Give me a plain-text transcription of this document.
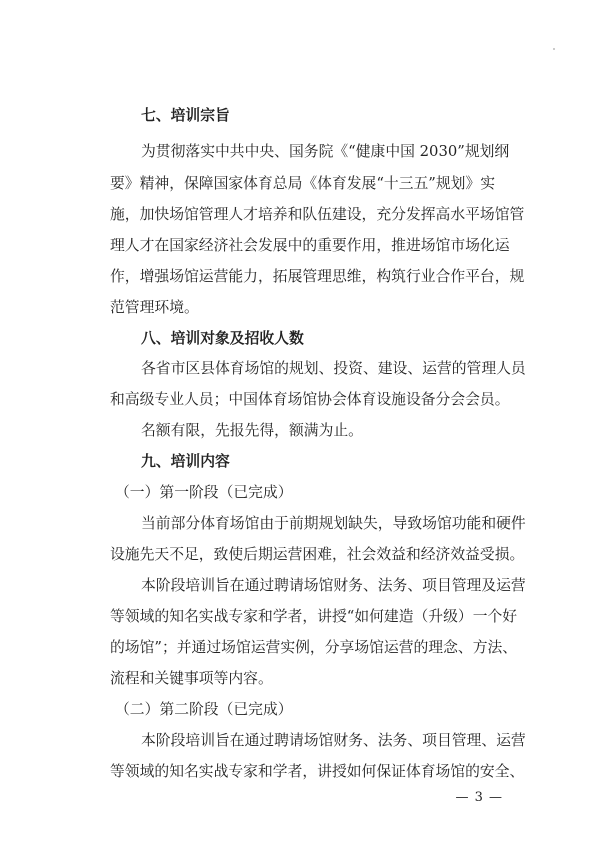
七、培训宗旨
为贯彻落实中共中央、国务院《“健康中国 2030”规划纲
要》精神，保障国家体育总局《体育发展“十三五”规划》实
施，加快场馆管理人才培养和队伍建设，充分发挥高水平场馆管
理人才在国家经济社会发展中的重要作用，推进场馆市场化运
作，增强场馆运营能力，拓展管理思维，构筑行业合作平台，规
范管理环境。
八、培训对象及招收人数
各省市区县体育场馆的规划、投资、建设、运营的管理人员
和高级专业人员；中国体育场馆协会体育设施设备分会会员。
名额有限，先报先得，额满为止。
九、培训内容
（一）第一阶段（已完成）
当前部分体育场馆由于前期规划缺失，导致场馆功能和硬件
设施先天不足，致使后期运营困难，社会效益和经济效益受损。
本阶段培训旨在通过聘请场馆财务、法务、项目管理及运营
等领域的知名实战专家和学者，讲授“如何建造（升级）一个好
的场馆”；并通过场馆运营实例，分享场馆运营的理念、方法、
流程和关键事项等内容。
（二）第二阶段（已完成）
本阶段培训旨在通过聘请场馆财务、法务、项目管理、运营
等领域的知名实战专家和学者，讲授如何保证体育场馆的安全、
— 3 —
